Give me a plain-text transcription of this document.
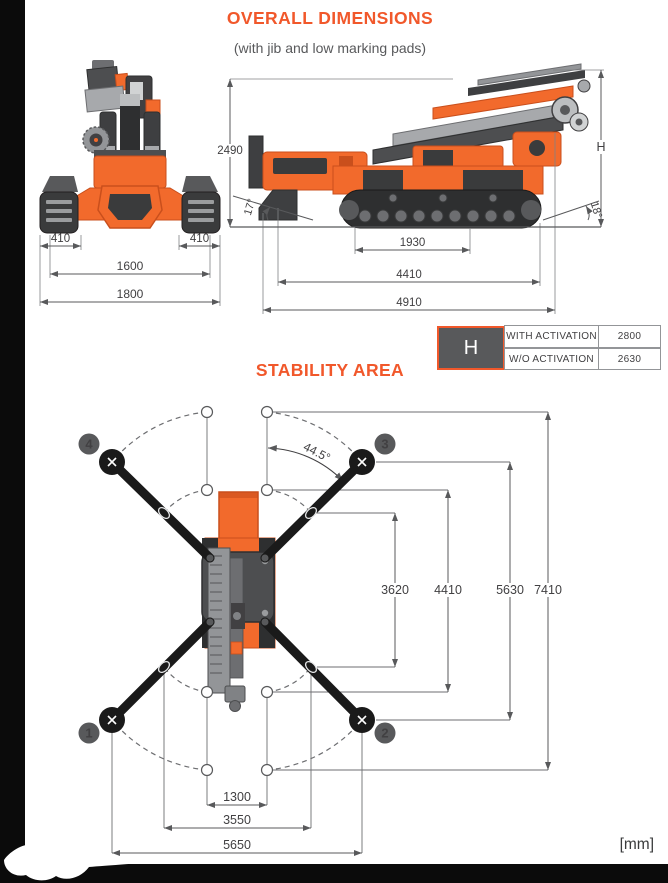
OVERALL DIMENSIONS
(with jib and low marking pads)
410	410
1600
1800
2490	H
17°	18°
1930
4410
4910
H	WITH ACTIVATION	2800
W/O ACTIVATION	2630
STABILITY AREA
44.5°
4	3
1	2
3620 4410	5630 7410
1300
3550
5650	[mm]
